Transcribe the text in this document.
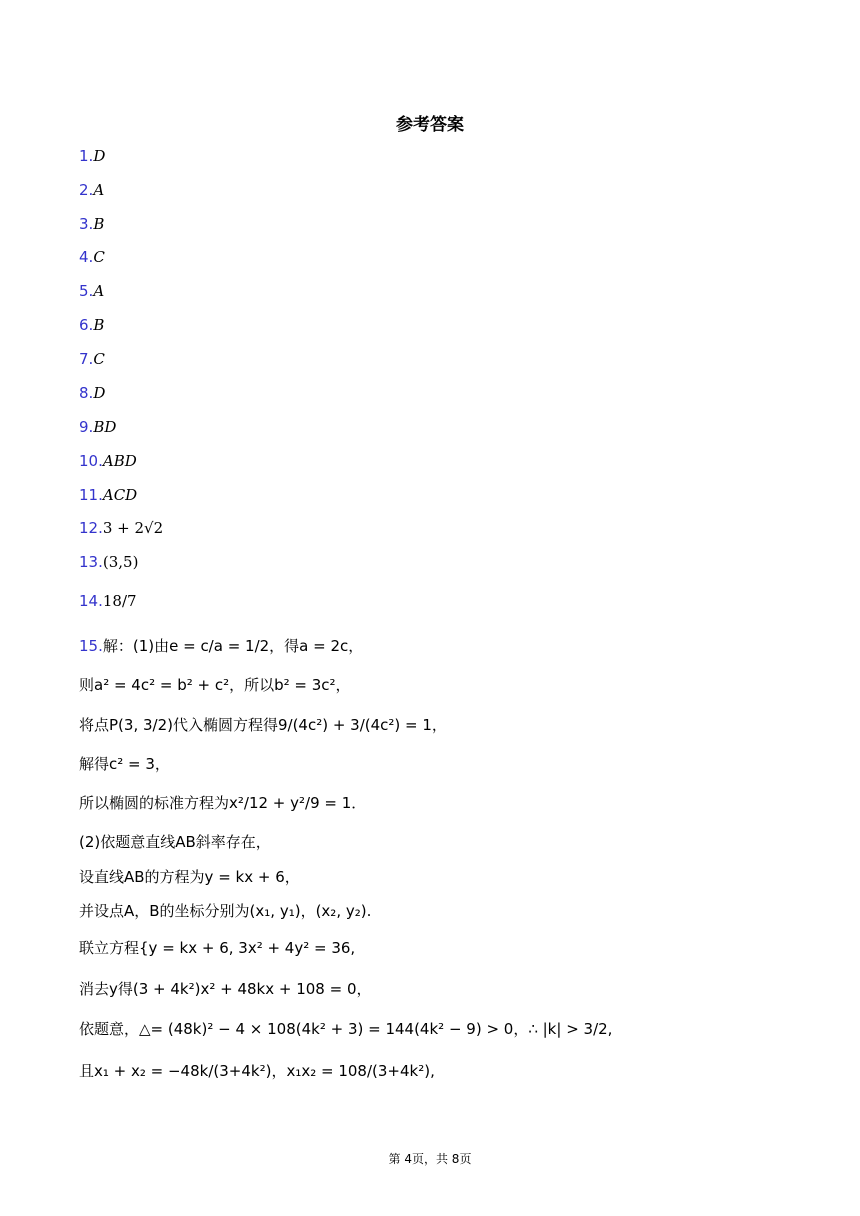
参考答案
1.D
2.A
3.B
4.C
5.A
6.B
7.C
8.D
9.BD
10.ABD
11.ACD
12.3 + 2√2
13.(3,5)
14.18/7
15.解：(1)由e = c/a = 1/2，得a = 2c，
则a² = 4c² = b² + c²，所以b² = 3c²，
将点P(3, 3/2)代入椭圆方程得9/(4c²) + 3/(4c²) = 1，
解得c² = 3，
所以椭圆的标准方程为x²/12 + y²/9 = 1．
(2)依题意直线AB斜率存在，
设直线AB的方程为y = kx + 6，
并设点A，B的坐标分别为(x₁, y₁)，(x₂, y₂).
联立方程{y = kx + 6, 3x² + 4y² = 36,
消去y得(3 + 4k²)x² + 48kx + 108 = 0，
依题意，△= (48k)² − 4 × 108(4k² + 3) = 144(4k² − 9) > 0，∴ |k| > 3/2,
且x₁ + x₂ = −48k/(3+4k²)，x₁x₂ = 108/(3+4k²),
第 4页，共 8页
